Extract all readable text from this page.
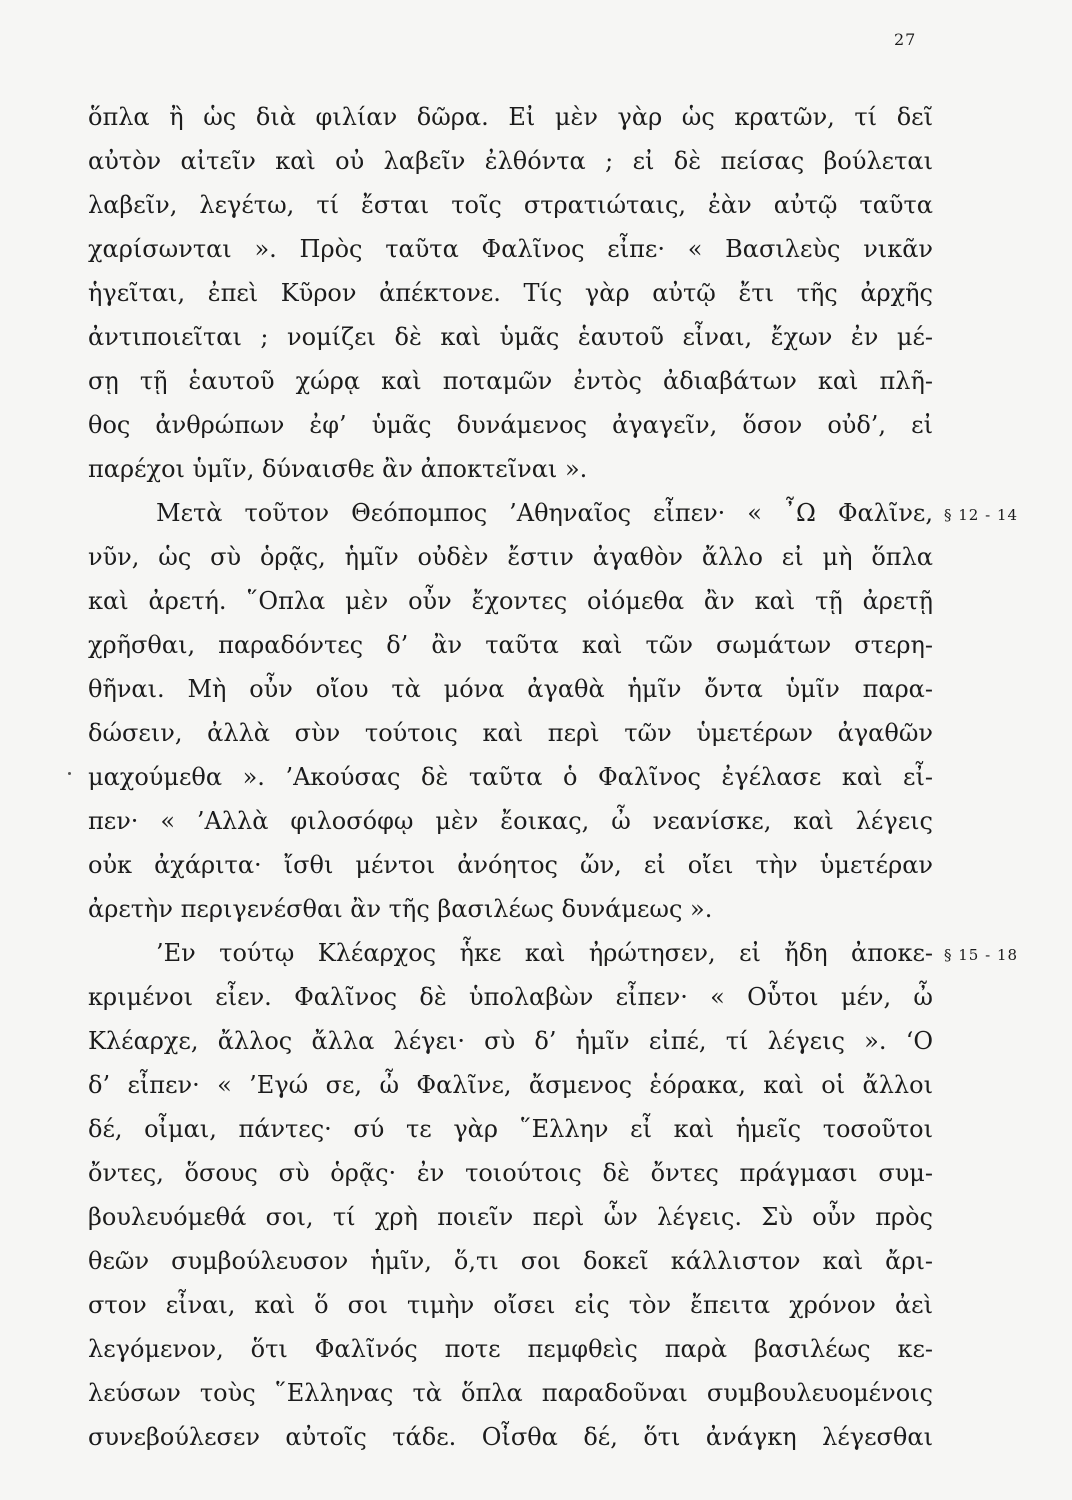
27
ὅπλα ἢ ὡς διὰ φιλίαν δῶρα. Εἰ μὲν γὰρ ὡς κρατῶν, τί δεῖ
αὐτὸν αἰτεῖν καὶ οὐ λαβεῖν ἐλθόντα ; εἰ δὲ πείσας βούλεται
λαβεῖν, λεγέτω, τί ἔσται τοῖς στρατιώταις, ἐὰν αὐτῷ ταῦτα
χαρίσωνται ». Πρὸς ταῦτα Φαλῖνος εἶπε· « Βασιλεὺς νικᾶν
ἡγεῖται, ἐπεὶ Κῦρον ἀπέκτονε. Τίς γὰρ αὐτῷ ἔτι τῆς ἀρχῆς
ἀντιποιεῖται ; νομίζει δὲ καὶ ὑμᾶς ἑαυτοῦ εἶναι, ἔχων ἐν μέ-
σῃ τῇ ἑαυτοῦ χώρᾳ καὶ ποταμῶν ἐντὸς ἀδιαβάτων καὶ πλῆ-
θος ἀνθρώπων ἐφ’ ὑμᾶς δυνάμενος ἀγαγεῖν, ὅσον οὐδ’, εἰ
παρέχοι ὑμῖν, δύναισθε ἂν ἀποκτεῖναι ».
Μετὰ τοῦτον Θεόπομπος ’Αθηναῖος εἶπεν· « ῏Ω Φαλῖνε,
νῦν, ὡς σὺ ὁρᾷς, ἡμῖν οὐδὲν ἔστιν ἀγαθὸν ἄλλο εἰ μὴ ὅπλα
καὶ ἀρετή. ῞Οπλα μὲν οὖν ἔχοντες οἰόμεθα ἂν καὶ τῇ ἀρετῇ
χρῆσθαι, παραδόντες δ’ ἂν ταῦτα καὶ τῶν σωμάτων στερη-
θῆναι. Μὴ οὖν οἴου τὰ μόνα ἀγαθὰ ἡμῖν ὄντα ὑμῖν παρα-
δώσειν, ἀλλὰ σὺν τούτοις καὶ περὶ τῶν ὑμετέρων ἀγαθῶν
μαχούμεθα ». ’Ακούσας δὲ ταῦτα ὁ Φαλῖνος ἐγέλασε καὶ εἶ-
πεν· « ’Αλλὰ φιλοσόφῳ μὲν ἔοικας, ὦ νεανίσκε, καὶ λέγεις
οὐκ ἀχάριτα· ἴσθι μέντοι ἀνόητος ὤν, εἰ οἴει τὴν ὑμετέραν
ἀρετὴν περιγενέσθαι ἂν τῆς βασιλέως δυνάμεως ».
’Εν τούτῳ Κλέαρχος ἧκε καὶ ἠρώτησεν, εἰ ἤδη ἀποκε-
κριμένοι εἶεν. Φαλῖνος δὲ ὑπολαβὼν εἶπεν· « Οὗτοι μέν, ὦ
Κλέαρχε, ἄλλος ἄλλα λέγει· σὺ δ’ ἡμῖν εἰπέ, τί λέγεις ». ‘Ο
δ’ εἶπεν· « ’Εγώ σε, ὦ Φαλῖνε, ἄσμενος ἑόρακα, καὶ οἱ ἄλλοι
δέ, οἶμαι, πάντες· σύ τε γὰρ ῞Ελλην εἶ καὶ ἡμεῖς τοσοῦτοι
ὄντες, ὅσους σὺ ὁρᾷς· ἐν τοιούτοις δὲ ὄντες πράγμασι συμ-
βουλευόμεθά σοι, τί χρὴ ποιεῖν περὶ ὧν λέγεις. Σὺ οὖν πρὸς
θεῶν συμβούλευσον ἡμῖν, ὅ,τι σοι δοκεῖ κάλλιστον καὶ ἄρι-
στον εἶναι, καὶ ὅ σοι τιμὴν οἴσει εἰς τὸν ἔπειτα χρόνον ἀεὶ
λεγόμενον, ὅτι Φαλῖνός ποτε πεμφθεὶς παρὰ βασιλέως κε-
λεύσων τοὺς ῞Ελληνας τὰ ὅπλα παραδοῦναι συμβουλευομένοις
συνεβούλεσεν αὐτοῖς τάδε. Οἶσθα δέ, ὅτι ἀνάγκη λέγεσθαι
§ 12 - 14
§ 15 - 18
